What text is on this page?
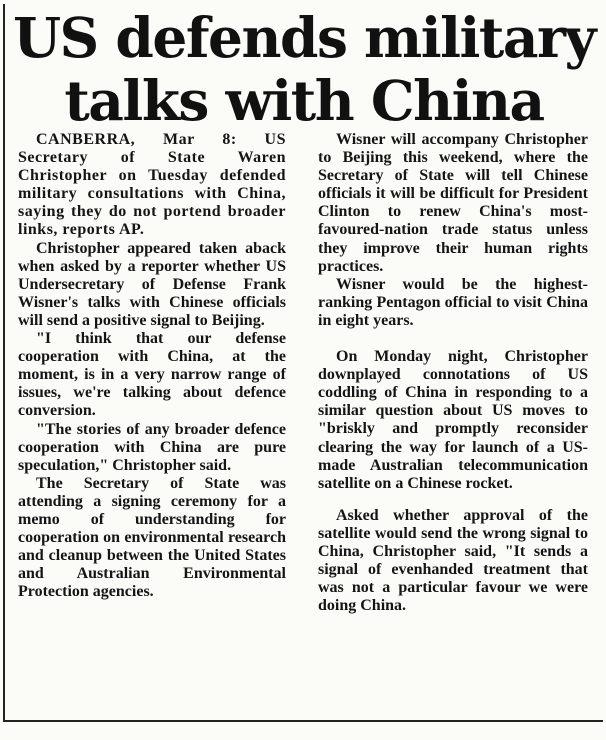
US defends military talks with China

CANBERRA, Mar 8: US Secretary of State Waren Christopher on Tuesday defended military consultations with China, saying they do not portend broader links, reports AP.

Christopher appeared taken aback when asked by a reporter whether US Undersecretary of Defense Frank Wisner's talks with Chinese officials will send a positive signal to Beijing.

"I think that our defense cooperation with China, at the moment, is in a very narrow range of issues, we're talking about defence conversion.

"The stories of any broader defence cooperation with China are pure speculation," Christopher said.

The Secretary of State was attending a signing ceremony for a memo of understanding for cooperation on environmental research and cleanup between the United States and Australian Environmental Protection agencies.

Wisner will accompany Christopher to Beijing this weekend, where the Secretary of State will tell Chinese officials it will be difficult for President Clinton to renew China's most-favoured-nation trade status unless they improve their human rights practices.

Wisner would be the highest-ranking Pentagon official to visit China in eight years.

On Monday night, Christopher downplayed connotations of US coddling of China in responding to a similar question about US moves to "briskly and promptly reconsider clearing the way for launch of a US-made Australian telecommunication satellite on a Chinese rocket.

Asked whether approval of the satellite would send the wrong signal to China, Christopher said, "It sends a signal of evenhanded treatment that was not a particular favour we were doing China.
